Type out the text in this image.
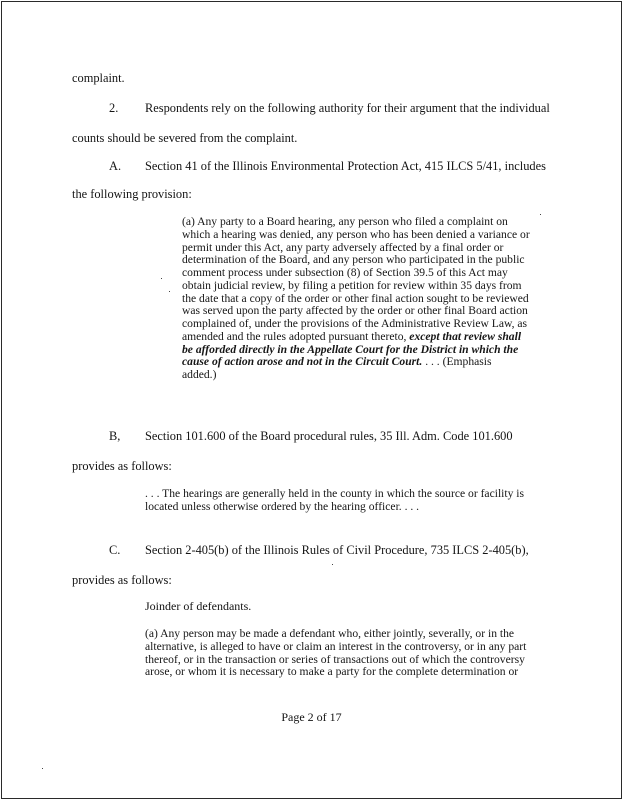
complaint.
2. Respondents rely on the following authority for their argument that the individual
counts should be severed from the complaint.
A. Section 41 of the Illinois Environmental Protection Act, 415 ILCS 5/41, includes
the following provision:
(a) Any party to a Board hearing, any person who filed a complaint on
which a hearing was denied, any person who has been denied a variance or
permit under this Act, any party adversely affected by a final order or
determination of the Board, and any person who participated in the public
comment process under subsection (8) of Section 39.5 of this Act may
obtain judicial review, by filing a petition for review within 35 days from
the date that a copy of the order or other final action sought to be reviewed
was served upon the party affected by the order or other final Board action
complained of, under the provisions of the Administrative Review Law, as
amended and the rules adopted pursuant thereto, except that review shall
be afforded directly in the Appellate Court for the District in which the
cause of action arose and not in the Circuit Court. . . . (Emphasis
added.)
B, Section 101.600 of the Board procedural rules, 35 Ill. Adm. Code 101.600
provides as follows:
. . . The hearings are generally held in the county in which the source or facility is
located unless otherwise ordered by the hearing officer. . . .
C. Section 2-405(b) of the Illinois Rules of Civil Procedure, 735 ILCS 2-405(b),
provides as follows:
Joinder of defendants.
(a) Any person may be made a defendant who, either jointly, severally, or in the
alternative, is alleged to have or claim an interest in the controversy, or in any part
thereof, or in the transaction or series of transactions out of which the controversy
arose, or whom it is necessary to make a party for the complete determination or
Page 2 of 17
